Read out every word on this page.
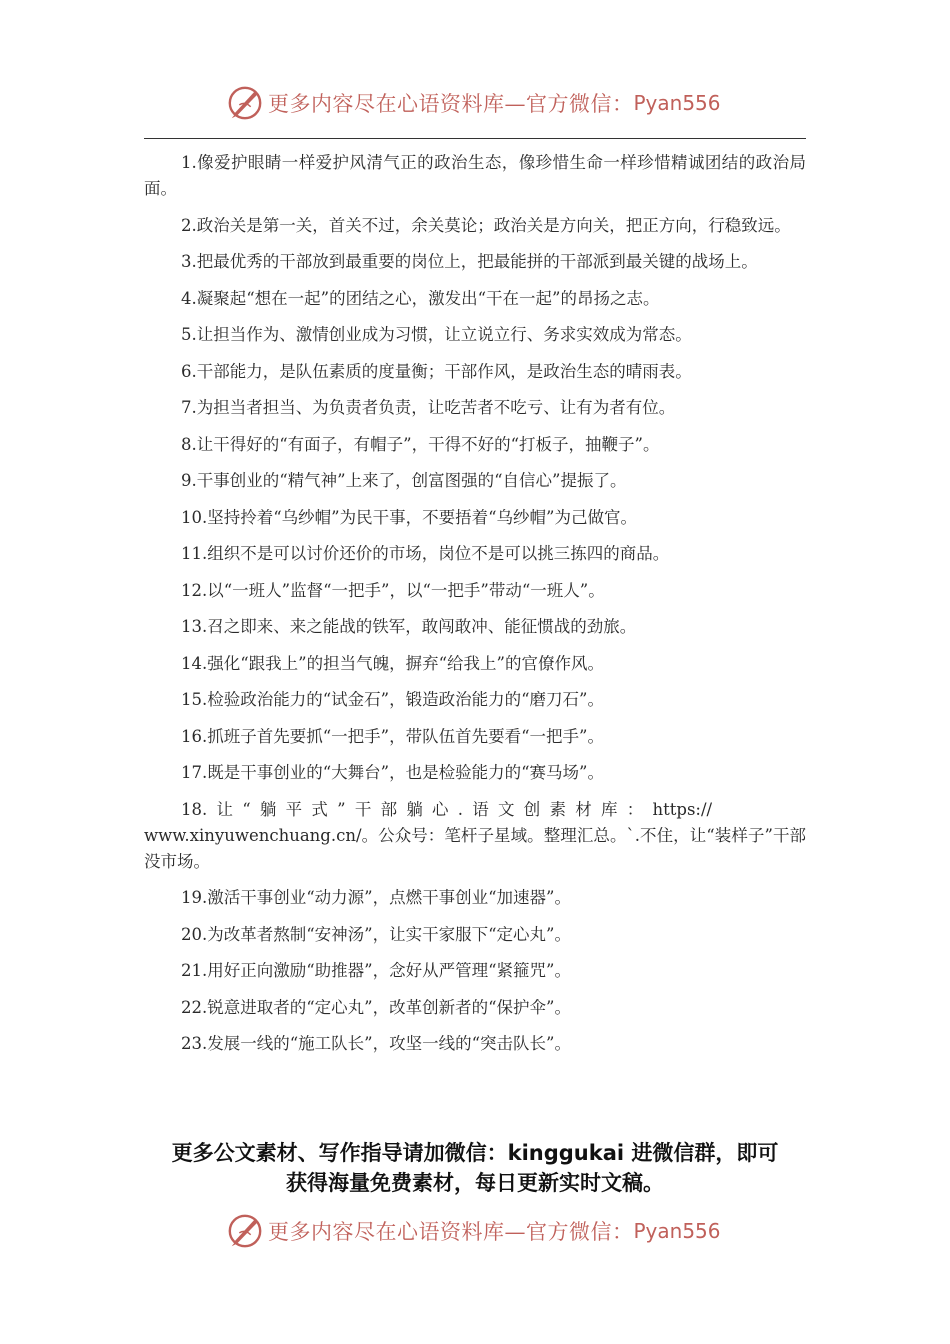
更多内容尽在心语资料库—官方微信： Pyan556

1.像爱护眼睛一样爱护风清气正的政治生态，像珍惜生命一样珍惜精诚团结的政治局面。

2.政治关是第一关，首关不过，余关莫论；政治关是方向关，把正方向，行稳致远。

3.把最优秀的干部放到最重要的岗位上，把最能拼的干部派到最关键的战场上。

4.凝聚起“想在一起”的团结之心，激发出“干在一起”的昂扬之志。

5.让担当作为、激情创业成为习惯，让立说立行、务求实效成为常态。

6.干部能力，是队伍素质的度量衡；干部作风，是政治生态的晴雨表。

7.为担当者担当、为负责者负责，让吃苦者不吃亏、让有为者有位。

8.让干得好的“有面子，有帽子”，干得不好的“打板子，抽鞭子”。

9.干事创业的“精气神”上来了，创富图强的“自信心”提振了。

10.坚持拎着“乌纱帽”为民干事，不要捂着“乌纱帽”为己做官。

11.组织不是可以讨价还价的市场，岗位不是可以挑三拣四的商品。

12.以“一班人”监督“一把手”，以“一把手”带动“一班人”。

13.召之即来、来之能战的铁军，敢闯敢冲、能征惯战的劲旅。

14.强化“跟我上”的担当气魄，摒弃“给我上”的官僚作风。

15.检验政治能力的“试金石”，锻造政治能力的“磨刀石”。

16.抓班子首先要抓“一把手”，带队伍首先要看“一把手”。

17.既是干事创业的“大舞台”，也是检验能力的“赛马场”。

18. 让 “ 躺 平 式 ” 干 部 躺 心 . 语 文 创 素 材 库 ： https://
www.xinyuwenchuang.cn/。公众号：笔杆子星域。整理汇总。`.不住，让“装样子”干部没市场。

19.激活干事创业“动力源”，点燃干事创业“加速器”。

20.为改革者熬制“安神汤”，让实干家服下“定心丸”。

21.用好正向激励“助推器”，念好从严管理“紧箍咒”。

22.锐意进取者的“定心丸”，改革创新者的“保护伞”。

23.发展一线的“施工队长”，攻坚一线的“突击队长”。

更多公文素材、写作指导请加微信：kinggukai 进微信群，即可
获得海量免费素材，每日更新实时文稿。
更多内容尽在心语资料库—官方微信： Pyan556
